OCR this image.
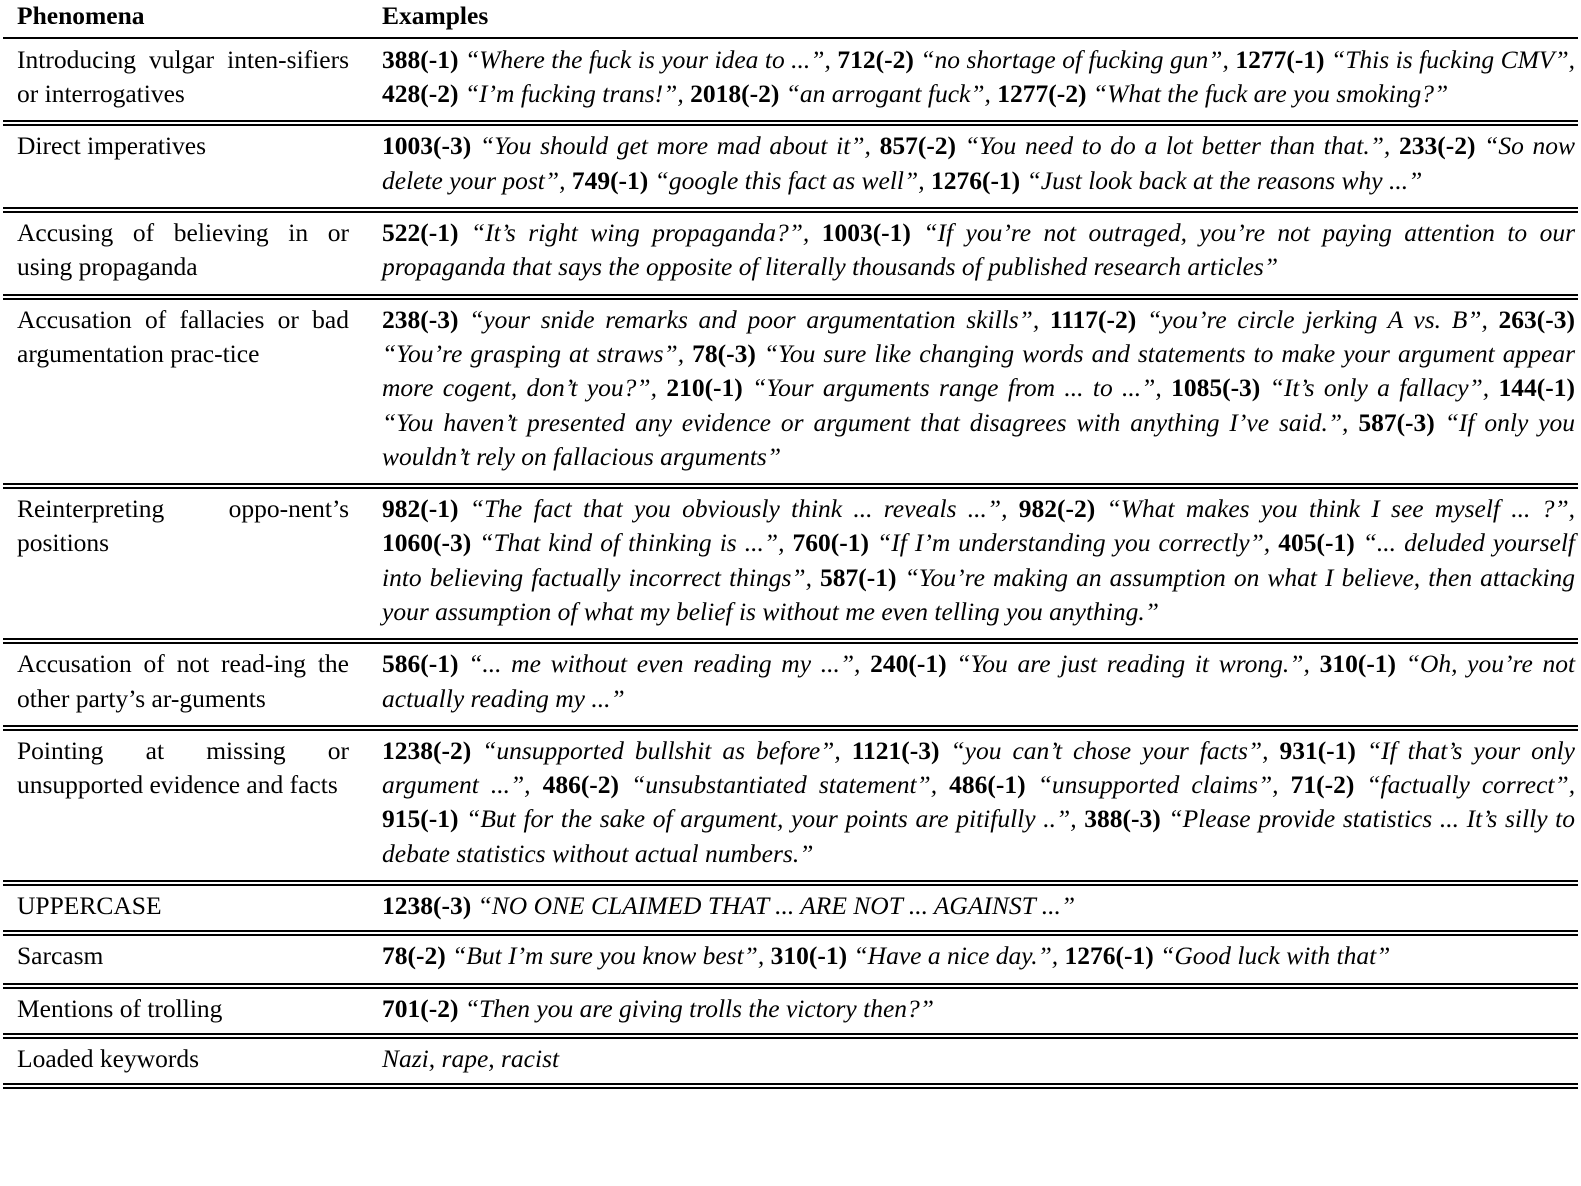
Phenomena	Examples

Introducing vulgar inten-sifiers or interrogatives	388(-1) “Where the fuck is your idea to ...”, 712(-2) “no shortage of fucking gun”, 1277(-1) “This is fucking CMV”, 428(-2) “I’m fucking trans!”, 2018(-2) “an arrogant fuck”, 1277(-2) “What the fuck are you smoking?”

Direct imperatives	1003(-3) “You should get more mad about it”, 857(-2) “You need to do a lot better than that.”, 233(-2) “So now delete your post”, 749(-1) “google this fact as well”, 1276(-1) “Just look back at the reasons why ...”

Accusing of believing in or using propaganda	522(-1) “It’s right wing propaganda?”, 1003(-1) “If you’re not outraged, you’re not paying attention to our propaganda that says the opposite of literally thousands of published research articles”

Accusation of fallacies or bad argumentation prac-tice	238(-3) “your snide remarks and poor argumentation skills”, 1117(-2) “you’re circle jerking A vs. B”, 263(-3) “You’re grasping at straws”, 78(-3) “You sure like changing words and statements to make your argument appear more cogent, don’t you?”, 210(-1) “Your arguments range from ... to ...”, 1085(-3) “It’s only a fallacy”, 144(-1) “You haven’t presented any evidence or argument that disagrees with anything I’ve said.”, 587(-3) “If only you wouldn’t rely on fallacious arguments”

Reinterpreting oppo-nent’s positions	982(-1) “The fact that you obviously think ... reveals ...”, 982(-2) “What makes you think I see myself ... ?”, 1060(-3) “That kind of thinking is ...”, 760(-1) “If I’m understanding you correctly”, 405(-1) “... deluded yourself into believing factually incorrect things”, 587(-1) “You’re making an assumption on what I believe, then attacking your assumption of what my belief is without me even telling you anything.”

Accusation of not read-ing the other party’s ar-guments	586(-1) “... me without even reading my ...”, 240(-1) “You are just reading it wrong.”, 310(-1) “Oh, you’re not actually reading my ...”

Pointing at missing or unsupported evidence and facts	1238(-2) “unsupported bullshit as before”, 1121(-3) “you can’t chose your facts”, 931(-1) “If that’s your only argument ...”, 486(-2) “unsubstantiated statement”, 486(-1) “unsupported claims”, 71(-2) “factually correct”, 915(-1) “But for the sake of argument, your points are pitifully ..”, 388(-3) “Please provide statistics ... It’s silly to debate statistics without actual numbers.”

UPPERCASE	1238(-3) “NO ONE CLAIMED THAT ... ARE NOT ... AGAINST ...”

Sarcasm	78(-2) “But I’m sure you know best”, 310(-1) “Have a nice day.”, 1276(-1) “Good luck with that”

Mentions of trolling	701(-2) “Then you are giving trolls the victory then?”

Loaded keywords	Nazi, rape, racist
